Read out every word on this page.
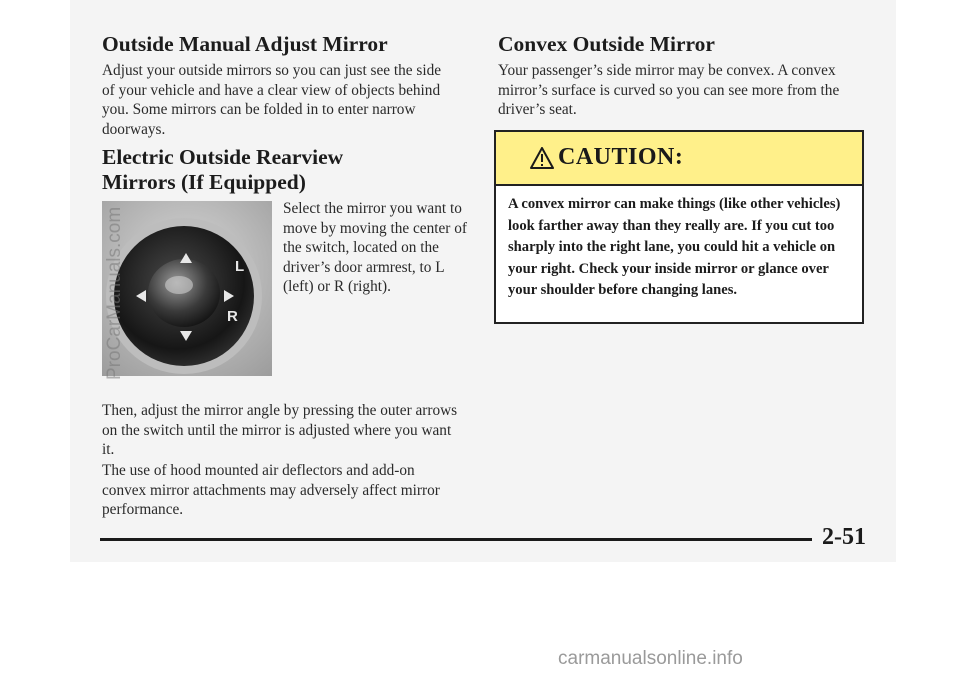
Outside Manual Adjust Mirror

Adjust your outside mirrors so you can just see the side of your vehicle and have a clear view of objects behind you. Some mirrors can be folded in to enter narrow doorways.

Electric Outside Rearview Mirrors (If Equipped)
L
R

Select the mirror you want to move by moving the center of the switch, located on the driver’s door armrest, to L (left) or R (right).

Then, adjust the mirror angle by pressing the outer arrows on the switch until the mirror is adjusted where you want it.

The use of hood mounted air deflectors and add-on convex mirror attachments may adversely affect mirror performance.

Convex Outside Mirror

Your passenger’s side mirror may be convex. A convex mirror’s surface is curved so you can see more from the driver’s seat.

CAUTION:
A convex mirror can make things (like other vehicles) look farther away than they really are. If you cut too sharply into the right lane, you could hit a vehicle on your right. Check your inside mirror or glance over your shoulder before changing lanes.
2-51
ProCarManuals.com
carmanualsonline.info
